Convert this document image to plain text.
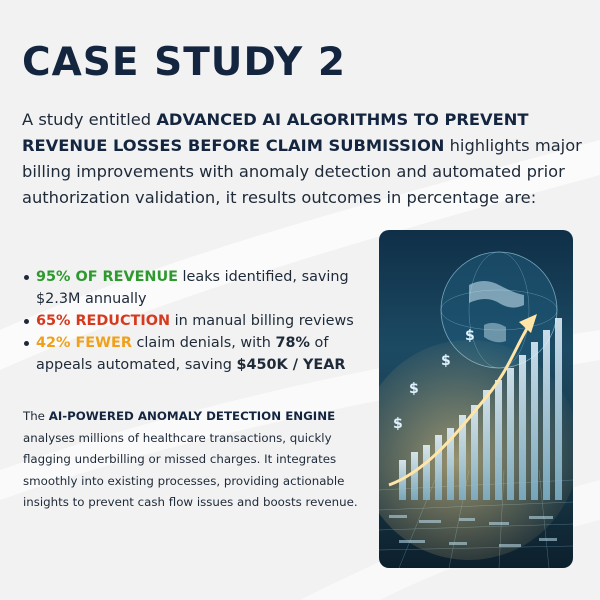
CASE STUDY 2

A study entitled ADVANCED AI ALGORITHMS TO PREVENT REVENUE LOSSES BEFORE CLAIM SUBMISSION highlights major billing improvements with anomaly detection and automated prior authorization validation, it results outcomes in percentage are:

95% OF REVENUE leaks identified, saving $2.3M annually
65% REDUCTION in manual billing reviews
42% FEWER claim denials, with 78% of appeals automated, saving $450K / YEAR

The AI-POWERED ANOMALY DETECTION ENGINE analyses millions of healthcare transactions, quickly flagging underbilling or missed charges. It integrates smoothly into existing processes, providing actionable insights to prevent cash flow issues and boosts revenue.

$
$
$
$
